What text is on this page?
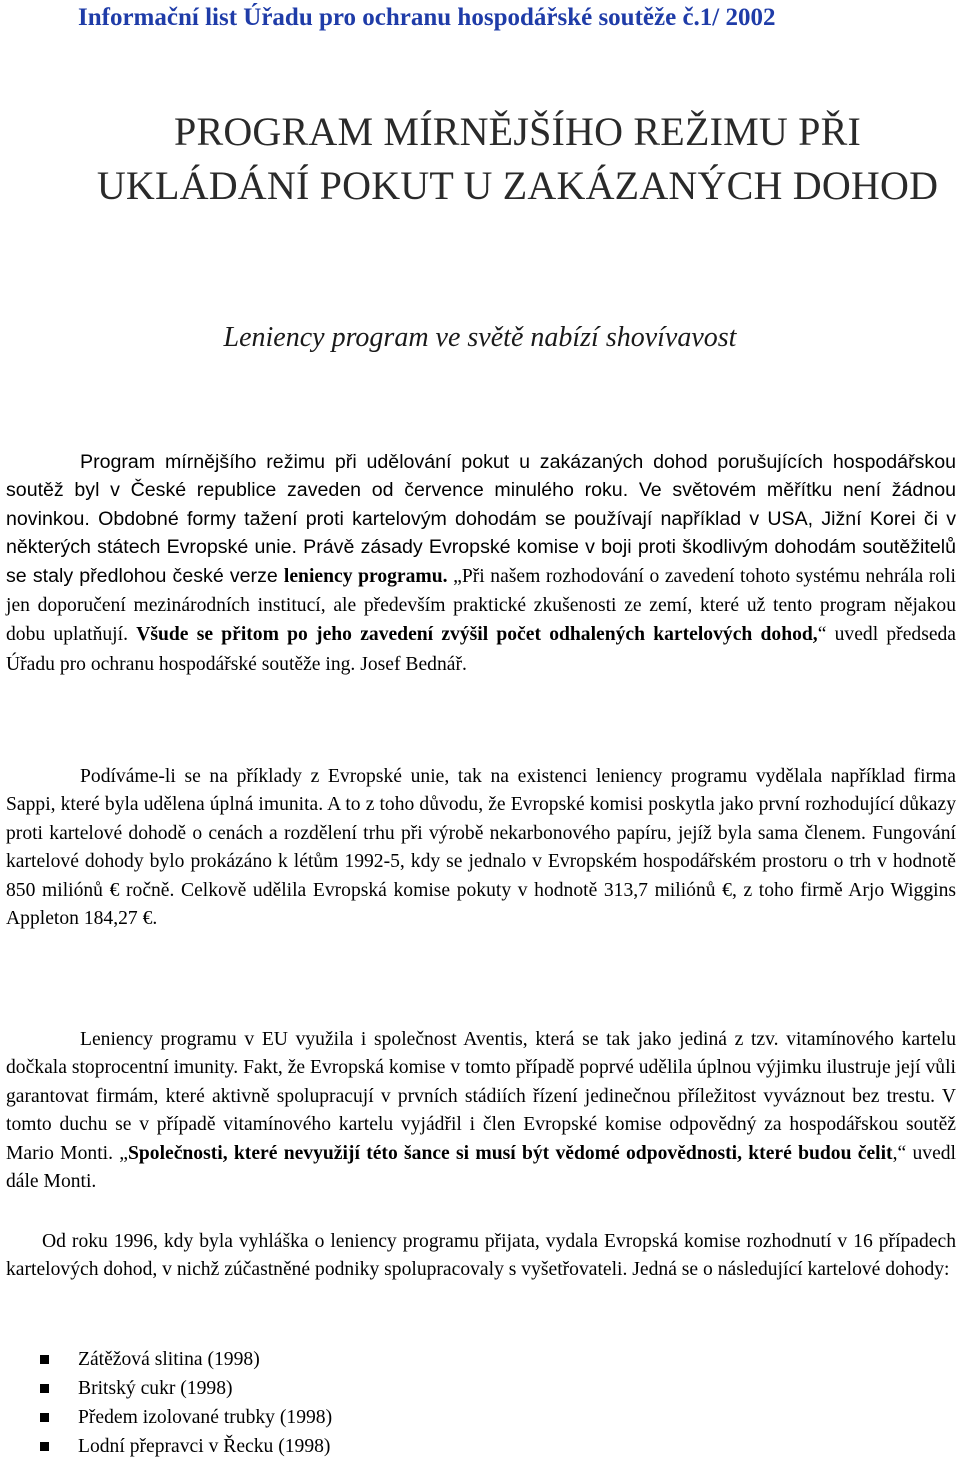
Informační list Úřadu pro ochranu hospodářské soutěže č.1/ 2002
PROGRAM MÍRNĚJŠÍHO REŽIMU PŘI
UKLÁDÁNÍ POKUT U ZAKÁZANÝCH DOHOD
Leniency program ve světě nabízí shovívavost
Program mírnějšího režimu při udělování pokut u zakázaných dohod porušujících hospodářskou soutěž byl v České republice zaveden od července minulého roku. Ve světovém měřítku není žádnou novinkou. Obdobné formy tažení proti kartelovým dohodám se používají například v USA, Jižní Korei či v některých státech Evropské unie. Právě zásady Evropské komise v boji proti škodlivým dohodám soutěžitelů se staly předlohou české verze leniency programu. „Při našem rozhodování o zavedení tohoto systému nehrála roli jen doporučení mezinárodních institucí, ale především praktické zkušenosti ze zemí, které už tento program nějakou dobu uplatňují. Všude se přitom po jeho zavedení zvýšil počet odhalených kartelových dohod,“ uvedl předseda Úřadu pro ochranu hospodářské soutěže ing. Josef Bednář.
Podíváme-li se na příklady z Evropské unie, tak na existenci leniency programu vydělala například firma Sappi, které byla udělena úplná imunita. A to z toho důvodu, že Evropské komisi poskytla jako první rozhodující důkazy proti kartelové dohodě o cenách a rozdělení trhu při výrobě nekarbonového papíru, jejíž byla sama členem. Fungování kartelové dohody bylo prokázáno k létům 1992-5, kdy se jednalo v Evropském hospodářském prostoru o trh v hodnotě 850 miliónů € ročně. Celkově udělila Evropská komise pokuty v hodnotě 313,7 miliónů €, z toho firmě Arjo Wiggins Appleton 184,27 €.
Leniency programu v EU využila i společnost Aventis, která se tak jako jediná z tzv. vitamínového kartelu dočkala stoprocentní imunity. Fakt, že Evropská komise v tomto případě poprvé udělila úplnou výjimku ilustruje její vůli garantovat firmám, které aktivně spolupracují v prvních stádiích řízení jedinečnou příležitost vyváznout bez trestu. V tomto duchu se v případě vitamínového kartelu vyjádřil i člen Evropské komise odpovědný za hospodářskou soutěž Mario Monti. „Společnosti, které nevyužijí této šance si musí být vědomé odpovědnosti, které budou čelit,“ uvedl dále Monti.
Od roku 1996, kdy byla vyhláška o leniency programu přijata, vydala Evropská komise rozhodnutí v 16 případech kartelových dohod, v nichž zúčastněné podniky spolupracovaly s vyšetřovateli. Jedná se o následující kartelové dohody:
Zátěžová slitina (1998)
Britský cukr (1998)
Předem izolované trubky (1998)
Lodní přepravci v Řecku (1998)
